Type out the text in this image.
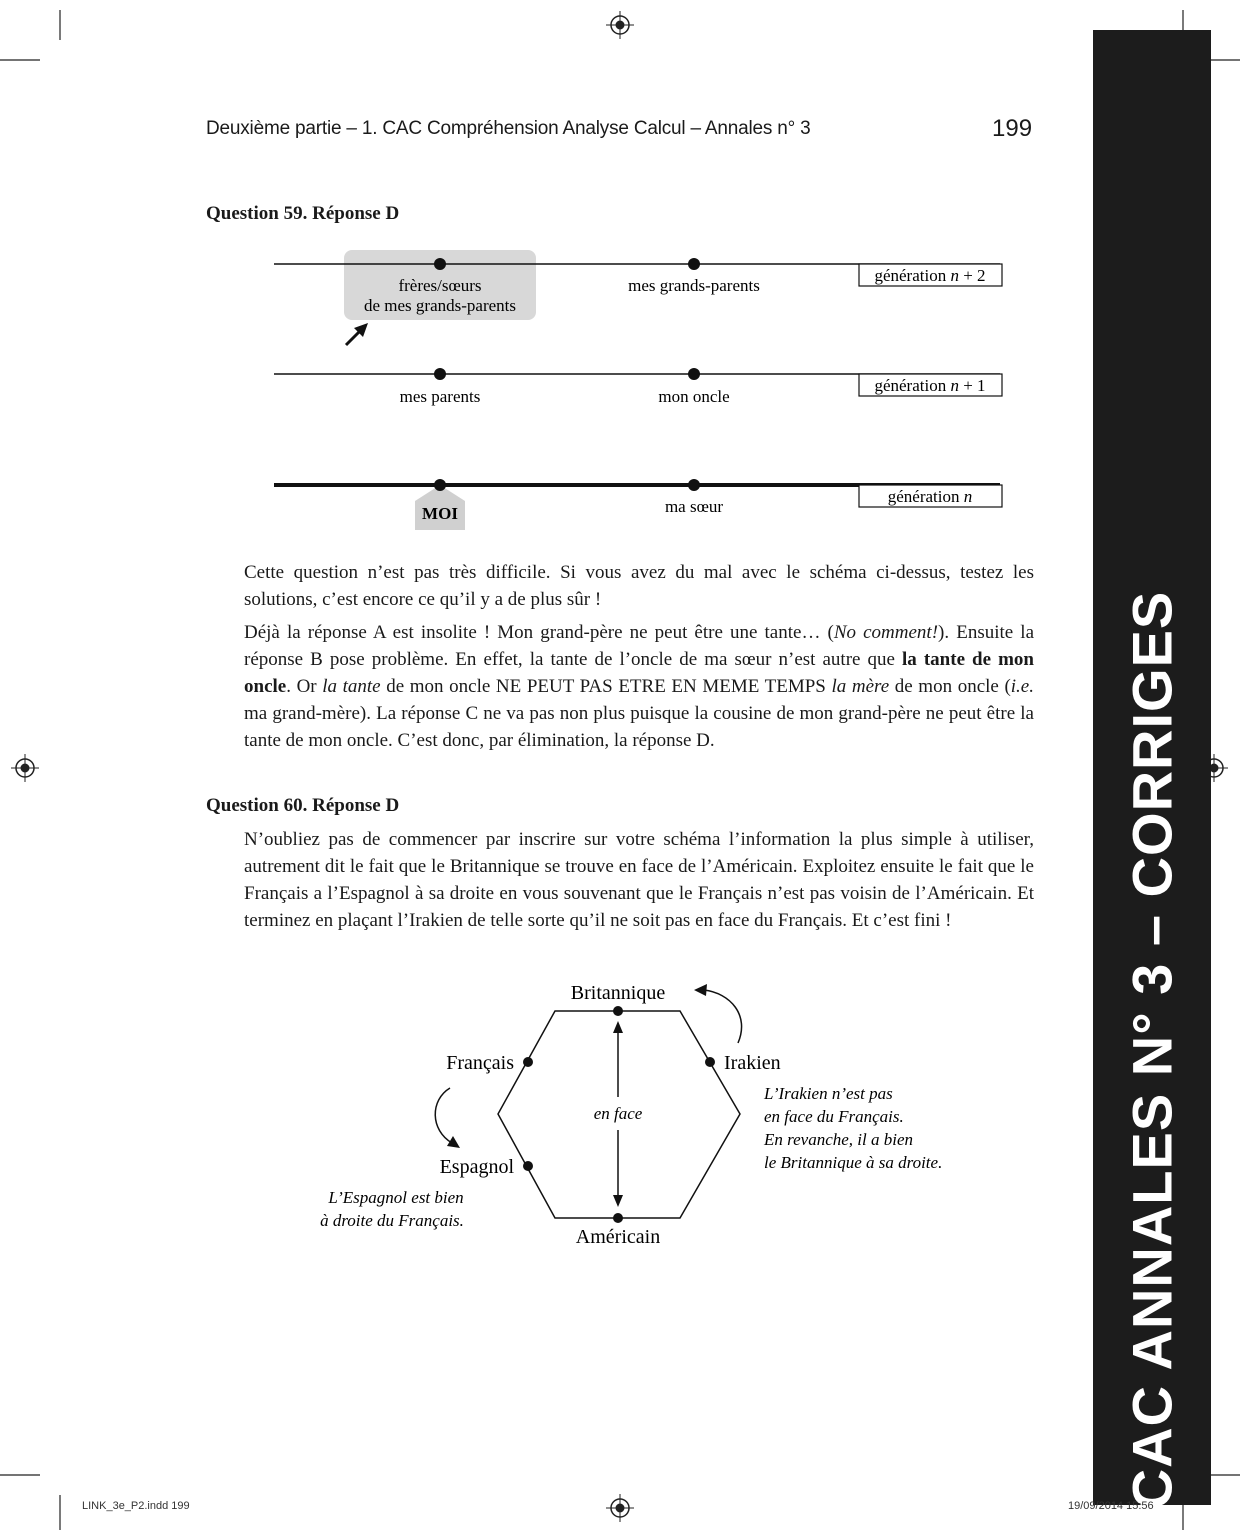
CAC ANNALES N° 3 – CORRIGES
Deuxième partie – 1. CAC Compréhension Analyse Calcul – Annales n° 3	199
Question 59. Réponse D
frères/sœurs
de mes grands-parents
mes grands-parents
génération n + 2
mes parents	mon oncle
génération n + 1
MOI	ma sœur
génération n

Cette question n’est pas très difficile. Si vous avez du mal avec le schéma ci-dessus, testez les solutions, c’est encore ce qu’il y a de plus sûr !

Déjà la réponse A est insolite ! Mon grand-père ne peut être une tante… (No comment!). Ensuite la réponse B pose problème. En effet, la tante de l’oncle de ma sœur n’est autre que la tante de mon oncle. Or la tante de mon oncle NE PEUT PAS ETRE EN MEME TEMPS la mère de mon oncle (i.e. ma grand-mère). La réponse C ne va pas non plus puisque la cousine de mon grand-père ne peut être la tante de mon oncle. C’est donc, par élimination, la réponse D.

Question 60. Réponse D

N’oubliez pas de commencer par inscrire sur votre schéma l’information la plus simple à utiliser, autrement dit le fait que le Britannique se trouve en face de l’Américain. Exploitez ensuite le fait que le Français a l’Espagnol à sa droite en vous souvenant que le Français n’est pas voisin de l’Américain. Et terminez en plaçant l’Irakien de telle sorte qu’il ne soit pas en face du Français. Et c’est fini !

en face
Britannique
Américain
Français	Irakien
Espagnol
L’Irakien n’est pas
en face du Français.
En revanche, il a bien
le Britannique à sa droite.
L’Espagnol est bien
à droite du Français.
LINK_3e_P2.indd 199	19/09/2014 15:56
